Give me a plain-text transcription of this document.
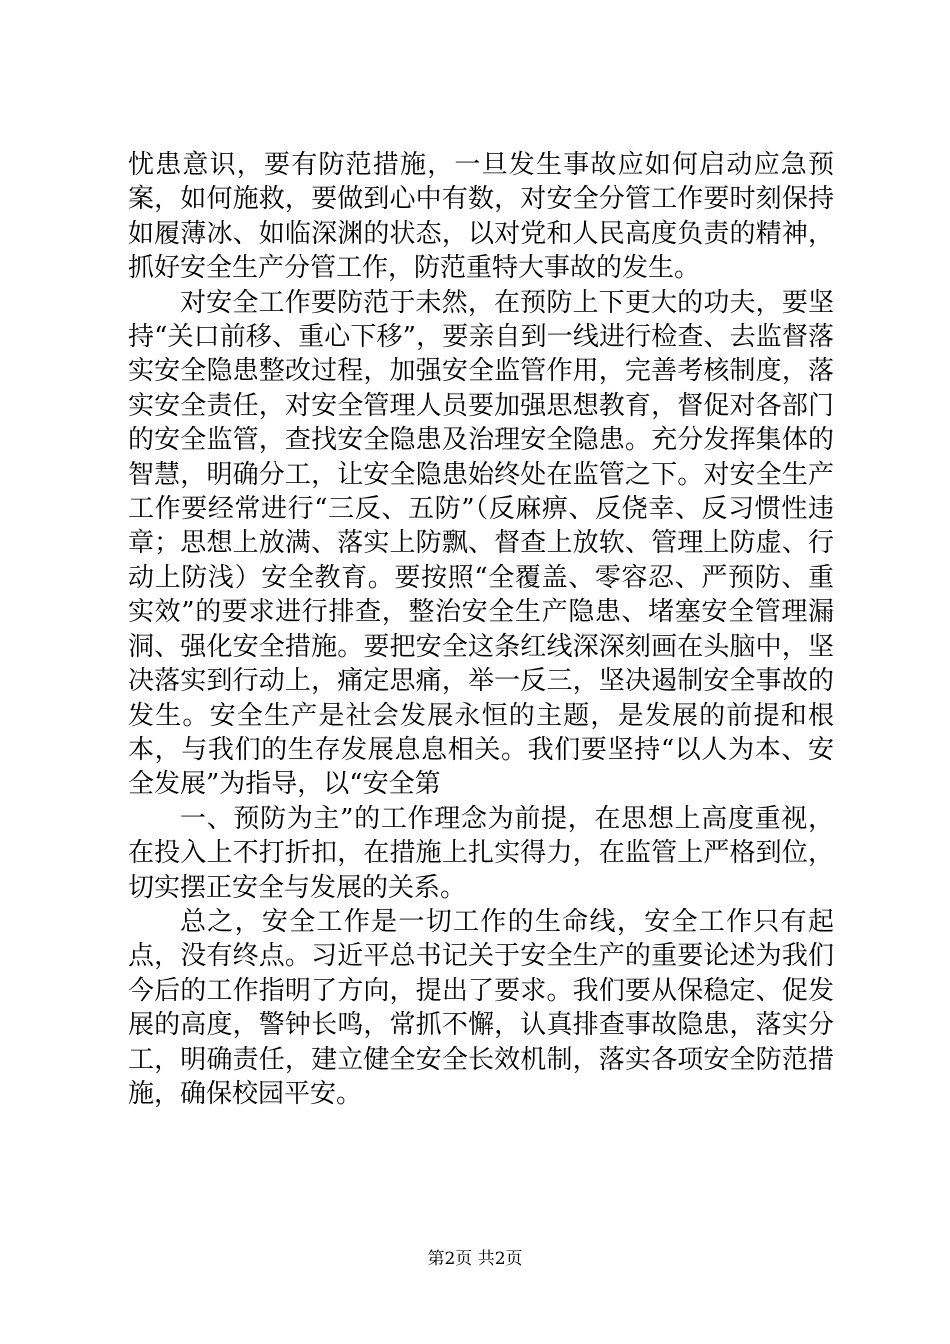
忧患意识，要有防范措施，一旦发生事故应如何启动应急预案，如何施救，要做到心中有数，对安全分管工作要时刻保持如履薄冰、如临深渊的状态，以对党和人民高度负责的精神，抓好安全生产分管工作，防范重特大事故的发生。

对安全工作要防范于未然，在预防上下更大的功夫，要坚持“关口前移、重心下移”，要亲自到一线进行检查、去监督落实安全隐患整改过程，加强安全监管作用，完善考核制度，落实安全责任，对安全管理人员要加强思想教育，督促对各部门的安全监管，查找安全隐患及治理安全隐患。充分发挥集体的智慧，明确分工，让安全隐患始终处在监管之下。对安全生产工作要经常进行“三反、五防”（反麻痹、反侥幸、反习惯性违章；思想上放满、落实上防飘、督查上放软、管理上防虚、行动上防浅）安全教育。要按照“全覆盖、零容忍、严预防、重实效”的要求进行排查，整治安全生产隐患、堵塞安全管理漏洞、强化安全措施。要把安全这条红线深深刻画在头脑中，坚决落实到行动上，痛定思痛，举一反三，坚决遏制安全事故的发生。安全生产是社会发展永恒的主题，是发展的前提和根本，与我们的生存发展息息相关。我们要坚持“以人为本、安全发展”为指导，以“安全第

一、预防为主”的工作理念为前提，在思想上高度重视，在投入上不打折扣，在措施上扎实得力，在监管上严格到位，切实摆正安全与发展的关系。

总之，安全工作是一切工作的生命线，安全工作只有起点，没有终点。习近平总书记关于安全生产的重要论述为我们今后的工作指明了方向，提出了要求。我们要从保稳定、促发展的高度，警钟长鸣，常抓不懈，认真排查事故隐患，落实分工，明确责任，建立健全安全长效机制，落实各项安全防范措施，确保校园平安。

第2页 共2页
